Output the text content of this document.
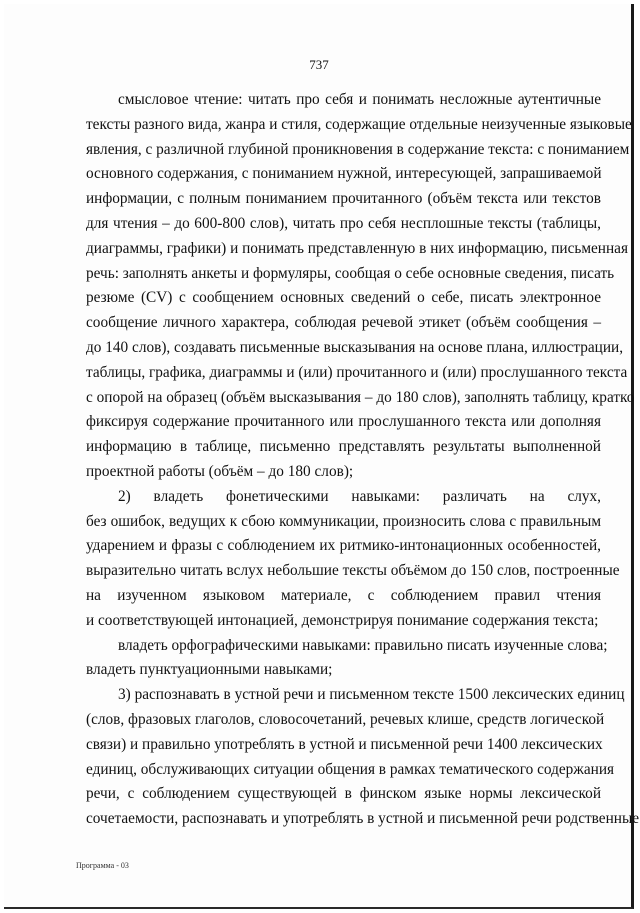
737
смысловое чтение: читать про себя и понимать несложные аутентичные
тексты разного вида, жанра и стиля, содержащие отдельные неизученные языковые
явления, с различной глубиной проникновения в содержание текста: с пониманием
основного содержания, с пониманием нужной, интересующей, запрашиваемой
информации, с полным пониманием прочитанного (объём текста или текстов
для чтения – до 600-800 слов), читать про себя несплошные тексты (таблицы,
диаграммы, графики) и понимать представленную в них информацию, письменная
речь: заполнять анкеты и формуляры, сообщая о себе основные сведения, писать
резюме (CV) с сообщением основных сведений о себе, писать электронное
сообщение личного характера, соблюдая речевой этикет (объём сообщения –
до 140 слов), создавать письменные высказывания на основе плана, иллюстрации,
таблицы, графика, диаграммы и (или) прочитанного и (или) прослушанного текста
с опорой на образец (объём высказывания – до 180 слов), заполнять таблицу, кратко
фиксируя содержание прочитанного или прослушанного текста или дополняя
информацию в таблице, письменно представлять результаты выполненной
проектной работы (объём – до 180 слов);
2) владеть фонетическими навыками: различать на слух,
без ошибок, ведущих к сбою коммуникации, произносить слова с правильным
ударением и фразы с соблюдением их ритмико-интонационных особенностей,
выразительно читать вслух небольшие тексты объёмом до 150 слов, построенные
на изученном языковом материале, с соблюдением правил чтения
и соответствующей интонацией, демонстрируя понимание содержания текста;
владеть орфографическими навыками: правильно писать изученные слова;
владеть пунктуационными навыками;
3) распознавать в устной речи и письменном тексте 1500 лексических единиц
(слов, фразовых глаголов, словосочетаний, речевых клише, средств логической
связи) и правильно употреблять в устной и письменной речи 1400 лексических
единиц, обслуживающих ситуации общения в рамках тематического содержания
речи, с соблюдением существующей в финском языке нормы лексической
сочетаемости, распознавать и употреблять в устной и письменной речи родственные
Программа - 03
